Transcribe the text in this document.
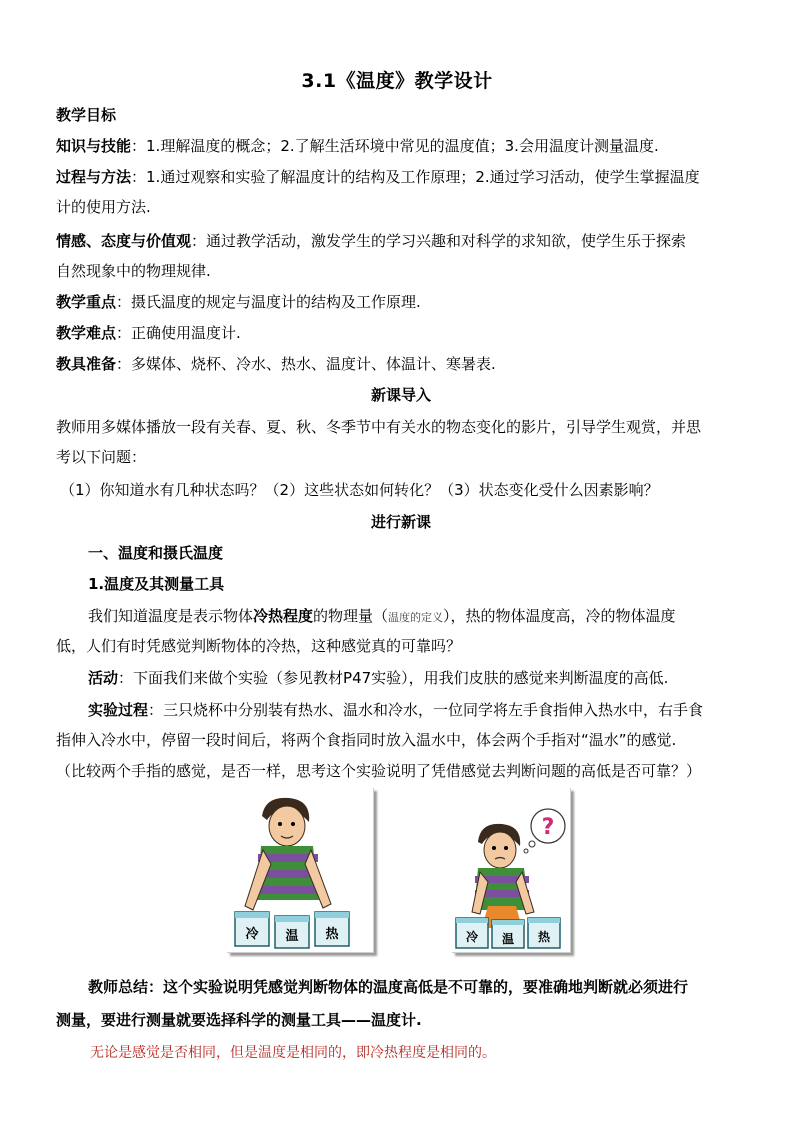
3.1《温度》教学设计
教学目标
知识与技能：1.理解温度的概念；2.了解生活环境中常见的温度值；3.会用温度计测量温度.
过程与方法：1.通过观察和实验了解温度计的结构及工作原理；2.通过学习活动，使学生掌握温度
计的使用方法.
情感、态度与价值观：通过教学活动，激发学生的学习兴趣和对科学的求知欲，使学生乐于探索
自然现象中的物理规律.
教学重点：摄氏温度的规定与温度计的结构及工作原理.
教学难点：正确使用温度计.
教具准备：多媒体、烧杯、冷水、热水、温度计、体温计、寒暑表.
新课导入
教师用多媒体播放一段有关春、夏、秋、冬季节中有关水的物态变化的影片，引导学生观赏，并思
考以下问题：
（1）你知道水有几种状态吗？（2）这些状态如何转化？（3）状态变化受什么因素影响？
进行新课
一、温度和摄氏温度
1.温度及其测量工具
我们知道温度是表示物体冷热程度的物理量（温度的定义），热的物体温度高，冷的物体温度
低，人们有时凭感觉判断物体的冷热，这种感觉真的可靠吗？
活动：下面我们来做个实验（参见教材P47实验），用我们皮肤的感觉来判断温度的高低.
实验过程：三只烧杯中分别装有热水、温水和冷水，一位同学将左手食指伸入热水中，右手食
指伸入冷水中，停留一段时间后，将两个食指同时放入温水中，体会两个手指对“温水”的感觉.
（比较两个手指的感觉，是否一样，思考这个实验说明了凭借感觉去判断问题的高低是否可靠？）
冷 温 热
?
冷 温 热
教师总结：这个实验说明凭感觉判断物体的温度高低是不可靠的，要准确地判断就必须进行
测量，要进行测量就要选择科学的测量工具——温度计.
无论是感觉是否相同，但是温度是相同的，即冷热程度是相同的。
